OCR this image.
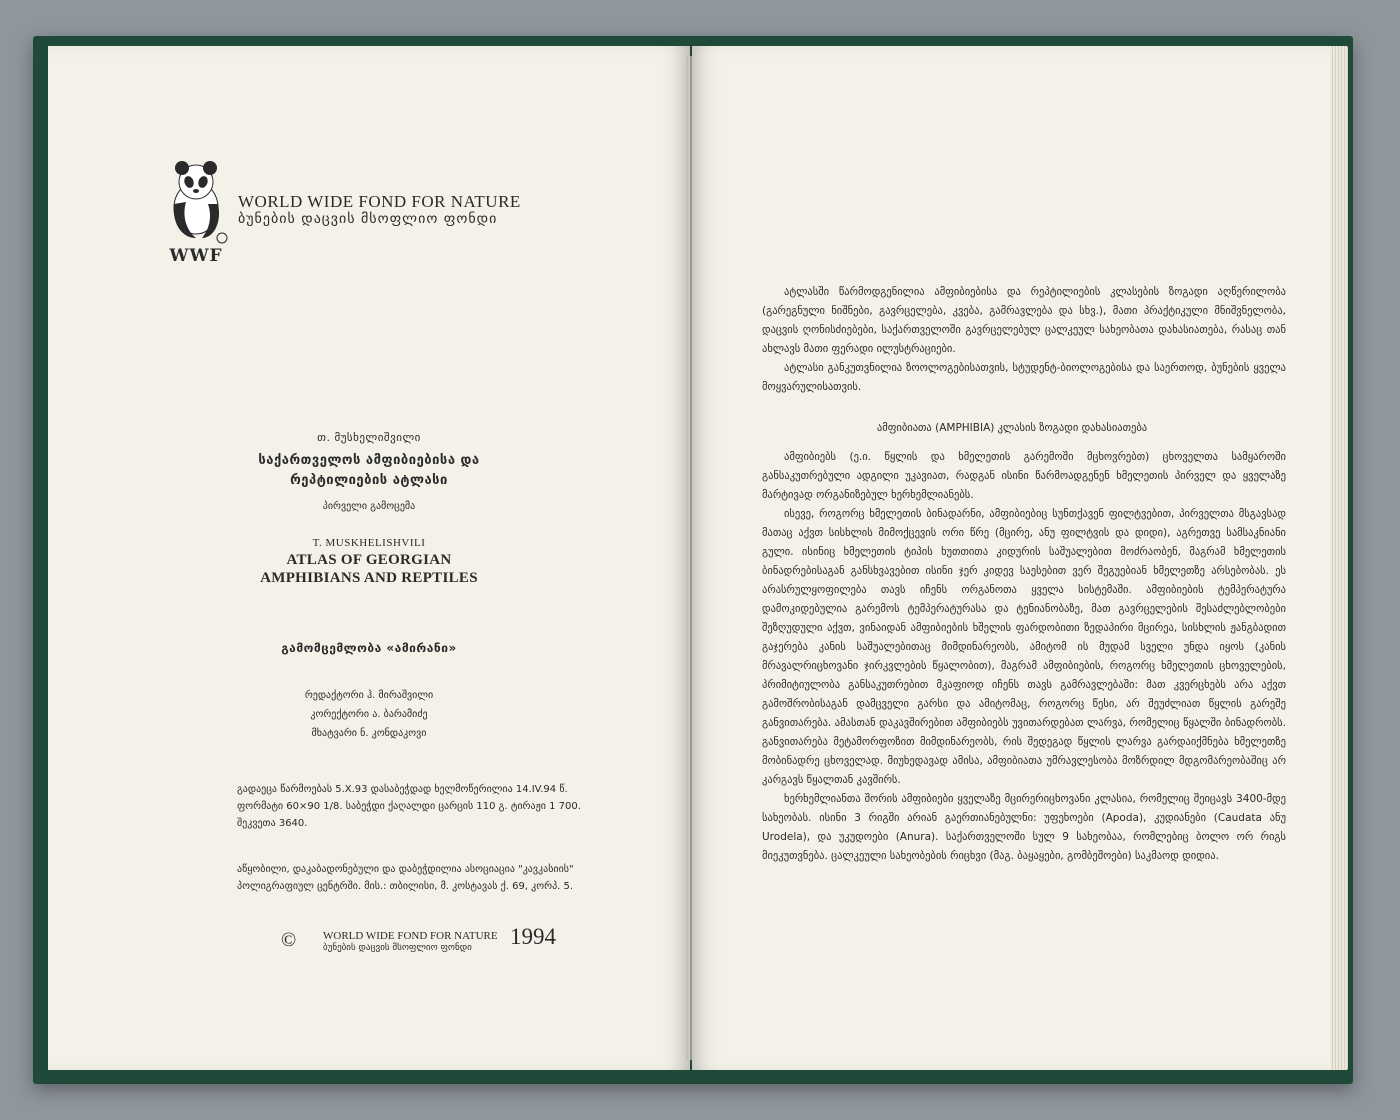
WWF
WORLD WIDE FOND FOR NATURE
ბუნების დაცვის მსოფლიო ფონდი
თ. მუსხელიშვილი
საქართველოს ამფიბიებისა და
რეპტილიების ატლასი
პირველი გამოცემა
T. MUSKHELISHVILI
ATLAS OF GEORGIAN
AMPHIBIANS AND REPTILES
გამომცემლობა «ამირანი»
რედაქტორი ჰ. მირაშვილი
კორექტორი ა. ბარამიძე
მხატვარი ნ. კონდაკოვი
გადაეცა წარმოებას 5.X.93 დასაბეჭდად ხელმოწერილია 14.IV.94 წ.
ფორმატი 60×90 1/8. საბეჭდი ქაღალდი ცარცის 110 გ. ტირაჟი 1 700.
შეკვეთა 3640.
აწყობილი, დაკაბადონებული და დაბეჭდილია ასოციაცია "კავკასიის"
პოლიგრაფიულ ცენტრში. მის.: თბილისი, მ. კოსტავას ქ. 69, კორპ. 5.
© WORLD WIDE FOND FOR NATURE
ბუნების დაცვის მსოფლიო ფონდი 1994

ატლასში წარმოდგენილია ამფიბიებისა და რეპტილიების კლასების ზოგადი აღწერილობა (გარეგნული ნიშნები, გავრცელება, კვება, გამრავლება და სხვ.), მათი პრაქტიკული მნიშვნელობა, დაცვის ღონისძიებები, საქართველოში გავრცელებულ ცალკეულ სახეობათა დახასიათება, რასაც თან ახლავს მათი ფერადი ილუსტრაციები.

ატლასი განკუთვნილია ზოოლოგებისათვის, სტუდენტ-ბიოლოგებისა და საერთოდ, ბუნების ყველა მოყვარულისათვის.

ამფიბიათა (AMPHIBIA) კლასის ზოგადი დახასიათება

ამფიბიებს (ე.ი. წყლის და ხმელეთის გარემოში მცხოვრებთ) ცხოველთა სამყაროში განსაკუთრებული ადგილი უკავიათ, რადგან ისინი წარმოადგენენ ხმელეთის პირველ და ყველაზე მარტივად ორგანიზებულ ხერხემლიანებს.

ისევე, როგორც ხმელეთის ბინადარნი, ამფიბიებიც სუნთქავენ ფილტვებით, პირველთა მსგავსად მათაც აქვთ სისხლის მიმოქცევის ორი წრე (მცირე, ანუ ფილტვის და დიდი), აგრეთვე სამსაკნიანი გული. ისინიც ხმელეთის ტიპის ხუთთითა კიდურის საშუალებით მოძრაობენ, მაგრამ ხმელეთის ბინადრებისაგან განსხვავებით ისინი ჯერ კიდევ საესებით ვერ შეგუებიან ხმელეთზე არსებობას. ეს არასრულყოფილება თავს იჩენს ორგანოთა ყველა სისტემაში. ამფიბიების ტემპერატურა დამოკიდებულია გარემოს ტემპერატურასა და ტენიანობაზე, მათ გავრცელების შესაძლებლობები შეზღუდული აქვთ, ვინაიდან ამფიბიების ხშელის ფარდობითი ზედაპირი მცირეა, სისხლის ჟანგბადით გაჯერება კანის საშუალებითაც მიმდინარეობს, ამიტომ ის მუდამ სველი უნდა იყოს (კანის მრავალრიცხოვანი ჯირკვლების წყალობით), მაგრამ ამფიბიების, როგორც ხმელეთის ცხოველების, პრიმიტიულობა განსაკუთრებით მკაფიოდ იჩენს თავს გამრავლებაში: მათ კვერცხებს არა აქვთ გამოშრობისაგან დამცველი გარსი და ამიტომაც, როგორც წესი, არ შეუძლიათ წყლის გარეშე განვითარება. ამასთან დაკავშირებით ამფიბიებს უვითარდებათ ლარვა, რომელიც წყალში ბინადრობს. განვითარება მეტამორფოზით მიმდინარეობს, რის შედეგად წყლის ლარვა გარდაიქმნება ხმელეთზე მობინადრე ცხოველად. მიუხედავად ამისა, ამფიბიათა უმრავლესობა მოზრდილ მდგომარეობაშიც არ კარგავს წყალთან კავშირს.

ხერხემლიანთა შორის ამფიბიები ყველაზე მცირერიცხოვანი კლასია, რომელიც შეიცავს 3400-მდე სახეობას. ისინი 3 რიგში არიან გაერთიანებულნი: უფეხოები (Apoda), კუდიანები (Caudata ანუ Urodela), და უკუდოები (Anura). საქართველოში სულ 9 სახეობაა, რომლებიც ბოლო ორ რიგს მიეკუთვნება. ცალკეული სახეობების რიცხვი (მაგ. ბაყაყები, გომბეშოები) საკმაოდ დიდია.
